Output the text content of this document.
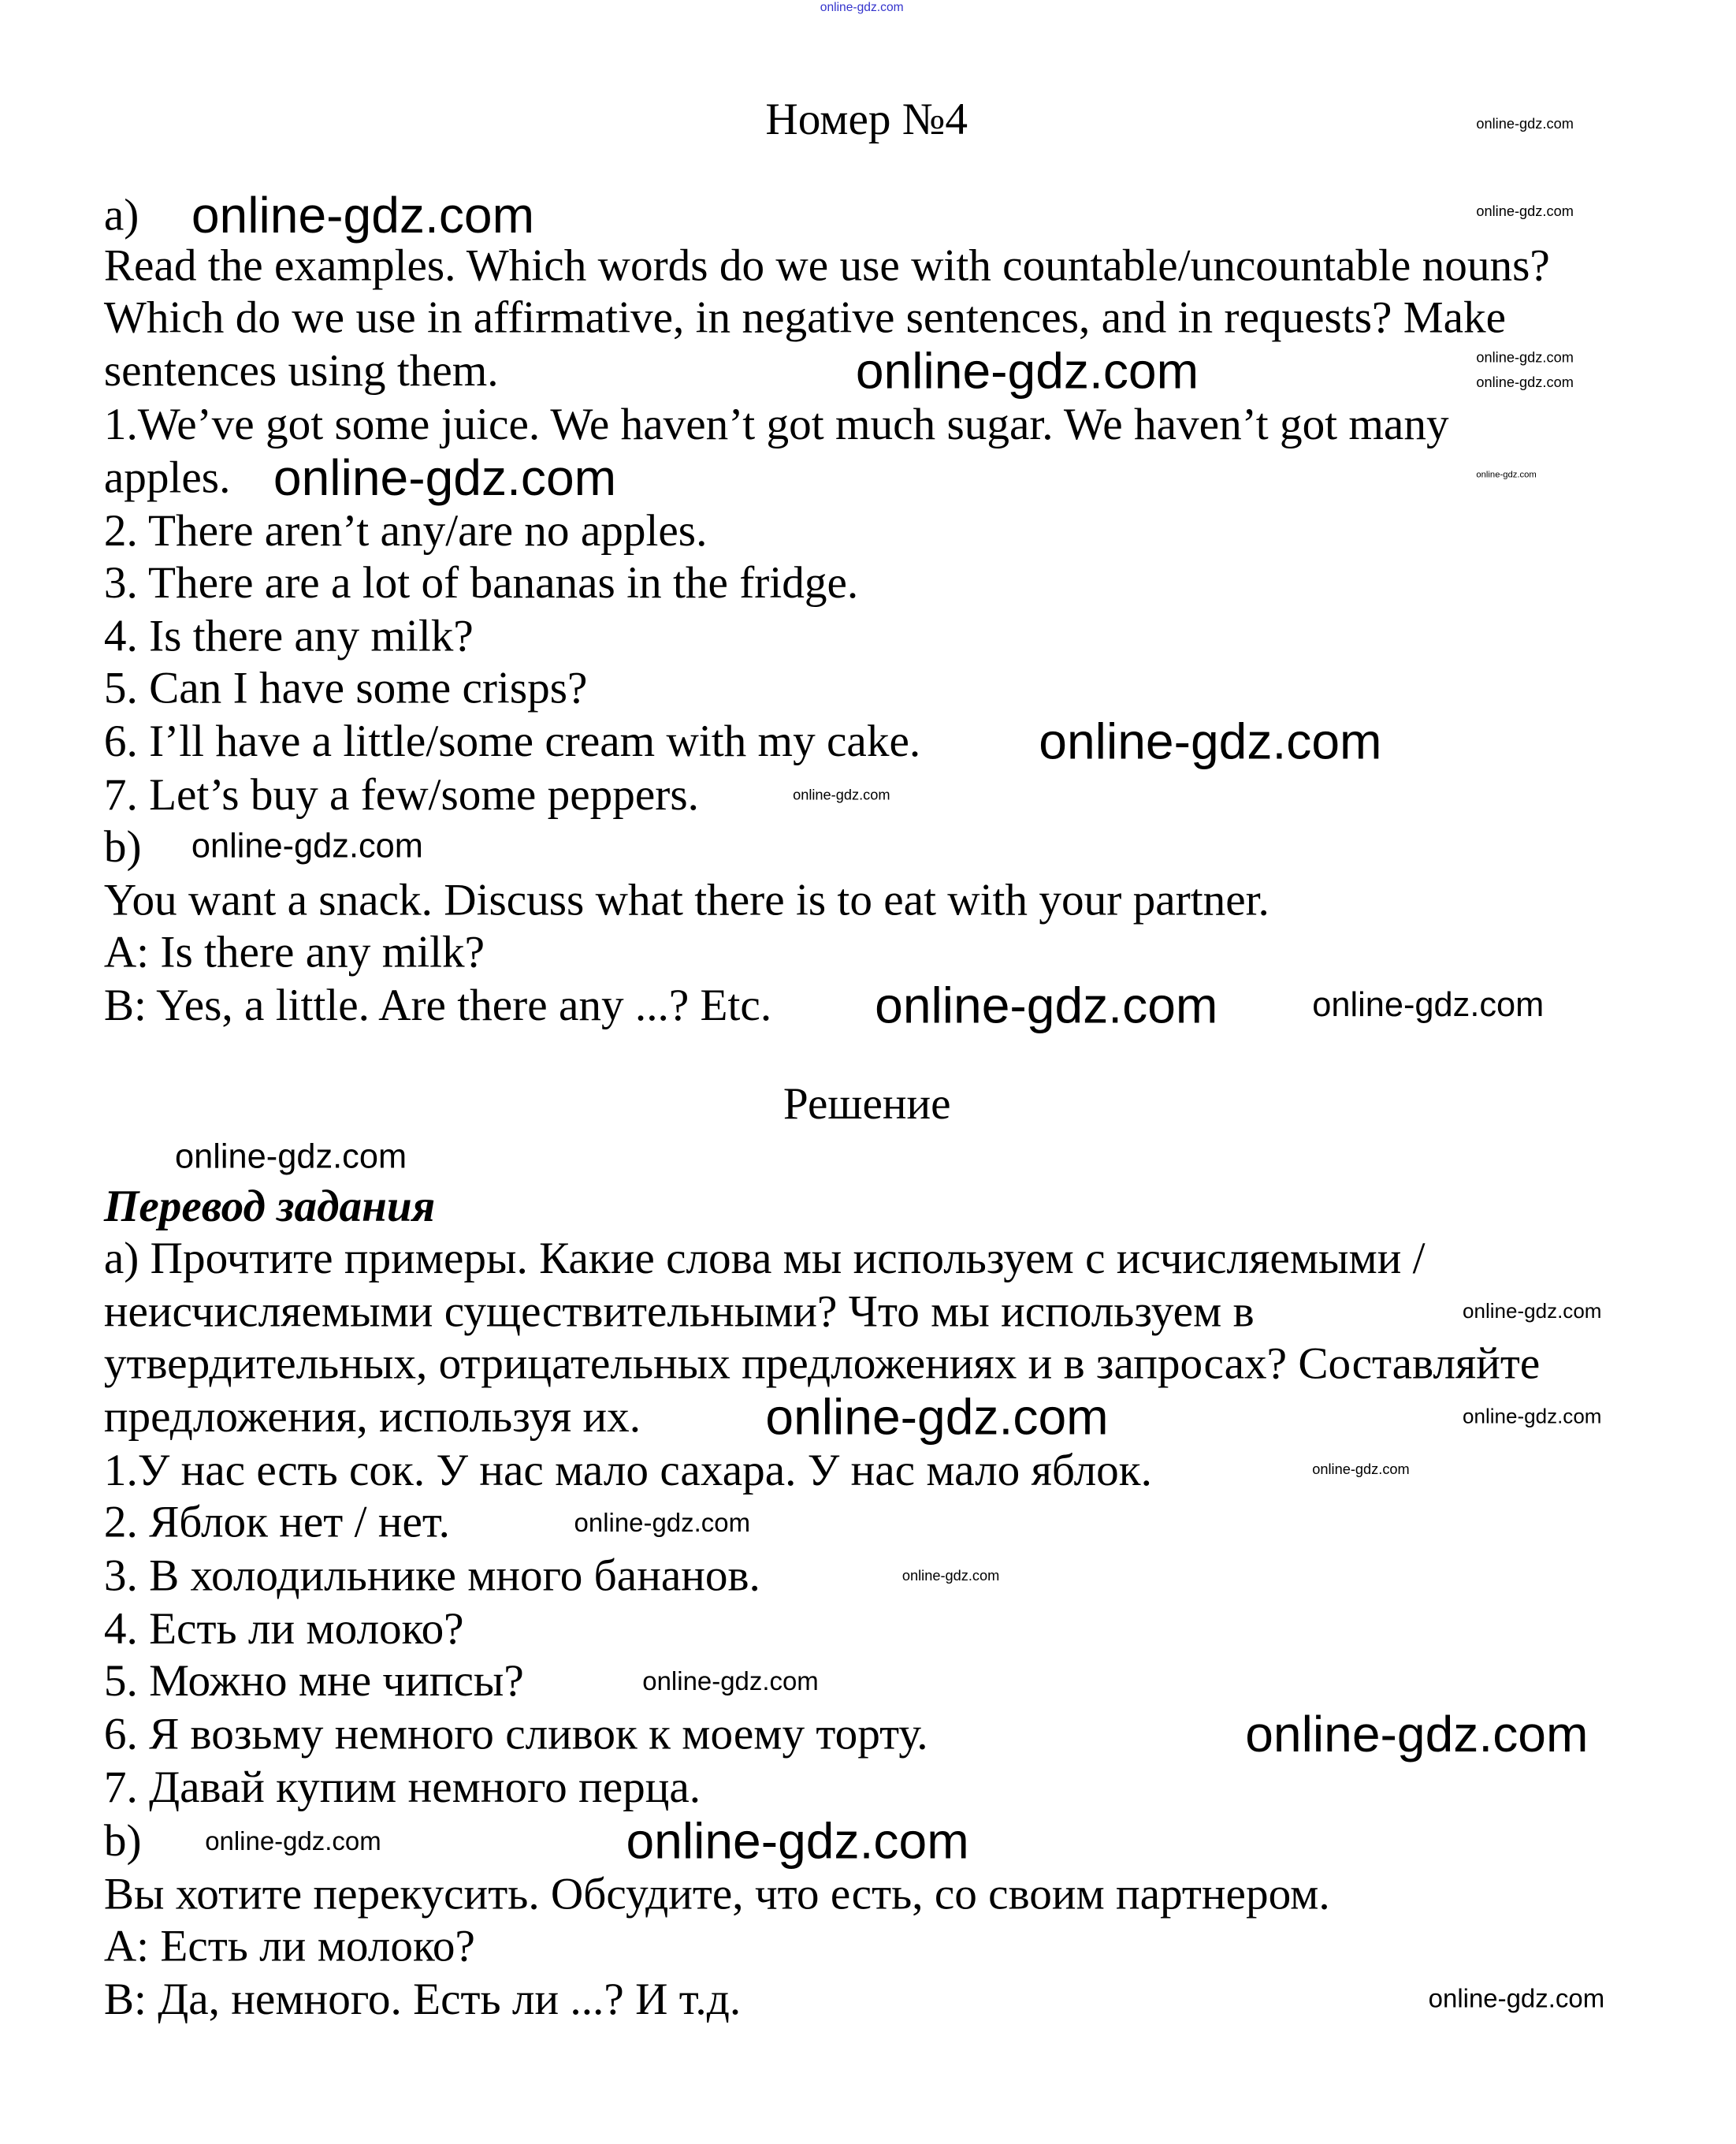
Номер №4
a)
Read the examples. Which words do we use with countable/uncountable nouns?
Which do we use in affirmative, in negative sentences, and in requests? Make
sentences using them.
1.We’ve got some juice. We haven’t got much sugar. We haven’t got many
apples.
2. There aren’t any/are no apples.
3. There are a lot of bananas in the fridge.
4. Is there any milk?
5. Can I have some crisps?
6. I’ll have a little/some cream with my cake.
7. Let’s buy a few/some peppers.
b)
You want a snack. Discuss what there is to eat with your partner.
A: Is there any milk?
B: Yes, a little. Are there any ...? Etc.
Решение
Перевод задания
а) Прочтите примеры. Какие слова мы используем с исчисляемыми /
неисчисляемыми существительными? Что мы используем в
утвердительных, отрицательных предложениях и в запросах? Составляйте
предложения, используя их.
1.У нас есть сок. У нас мало сахара. У нас мало яблок.
2. Яблок нет / нет.
3. В холодильнике много бананов.
4. Есть ли молоко?
5. Можно мне чипсы?
6. Я возьму немного сливок к моему торту.
7. Давай купим немного перца.
b)
Вы хотите перекусить. Обсудите, что есть, со своим партнером.
А: Есть ли молоко?
В: Да, немного. Есть ли ...? И т.д.
online-gdz.com
online-gdz.com
online-gdz.com	online-gdz.com
online-gdz.com
online-gdz.com	online-gdz.com
online-gdz.com	online-gdz.com
online-gdz.com
online-gdz.com
online-gdz.com
online-gdz.com	online-gdz.com
online-gdz.com
online-gdz.com
online-gdz.com	online-gdz.com
online-gdz.com
online-gdz.com
online-gdz.com
online-gdz.com
online-gdz.com
online-gdz.com
online-gdz.com
online-gdz.com
